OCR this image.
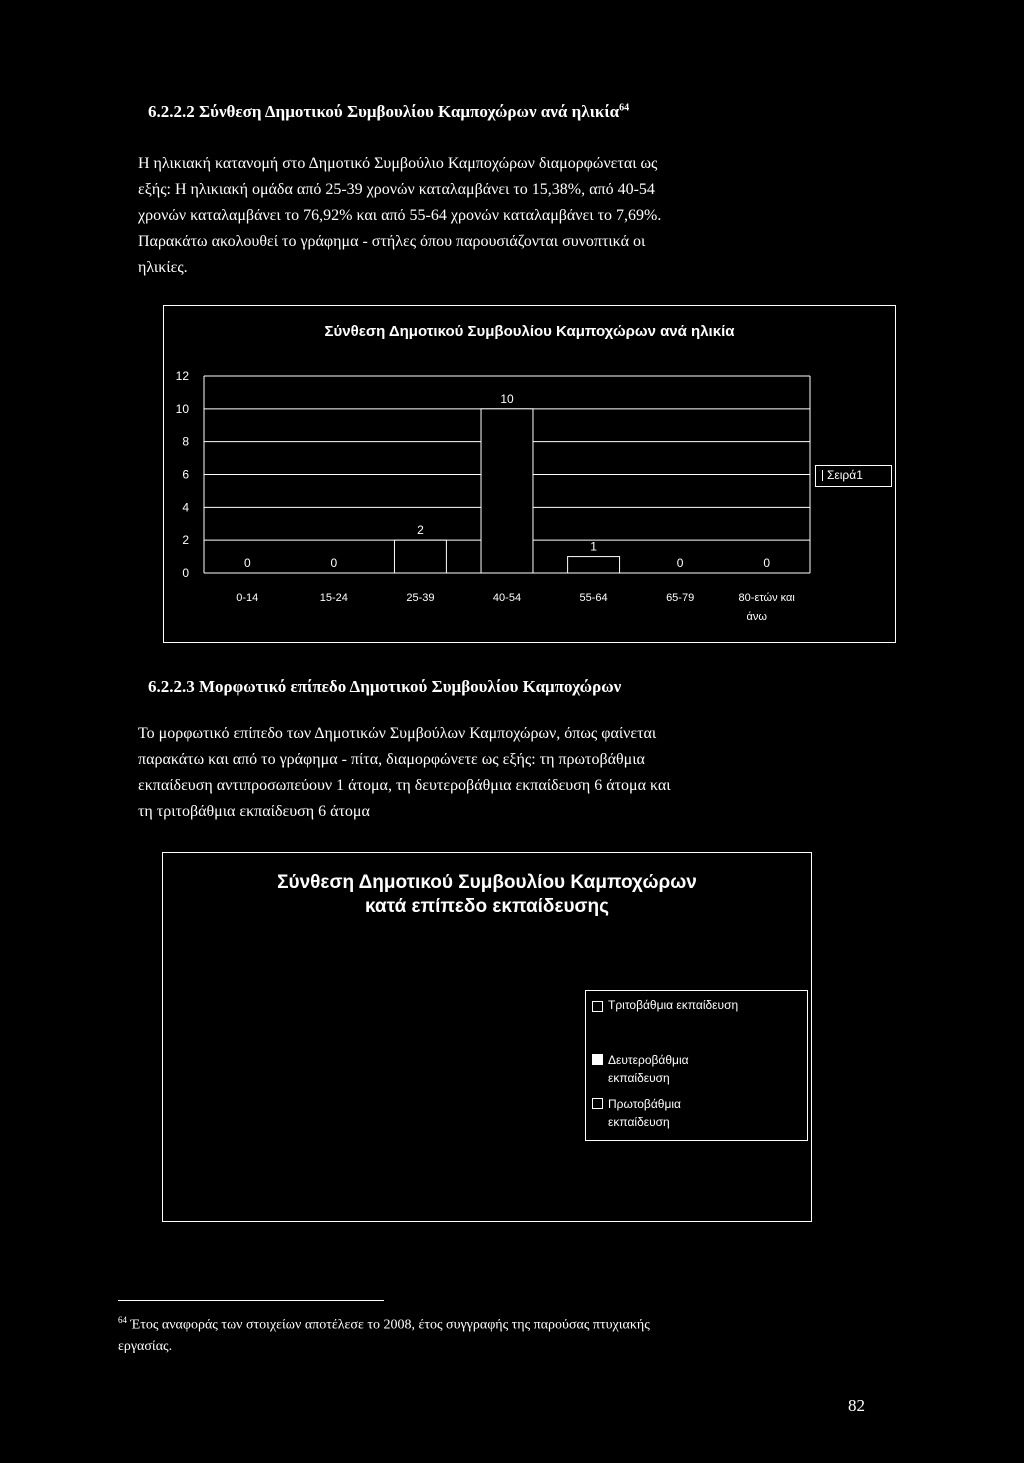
6.2.2.2 Σύνθεση Δημοτικού Συμβουλίου Καμποχώρων ανά ηλικία$^{64}$
Η ηλικιακή κατανομή στο Δημοτικό Συμβούλιο Καμποχώρων διαμορφώνεται ως
εξής: Η ηλικιακή ομάδα από 25-39 χρονών καταλαμβάνει το 15,38%, από 40-54
χρονών καταλαμβάνει το 76,92% και από 55-64 χρονών καταλαμβάνει το 7,69%.
Παρακάτω ακολουθεί το γράφημα - στήλες όπου παρουσιάζονται συνοπτικά οι
ηλικίες.
Σύνθεση Δημοτικού Συμβουλίου Καμποχώρων ανά ηλικία
0
2
4
6
8
10
12
0
0-14
0
15-24
2
25-39
10
40-54
1
55-64
0
65-79
0
80-ετών και
άνω
Σειρά1
6.2.2.3 Μορφωτικό επίπεδο Δημοτικού Συμβουλίου Καμποχώρων
Το μορφωτικό επίπεδο των Δημοτικών Συμβούλων Καμποχώρων, όπως φαίνεται
παρακάτω και από το γράφημα - πίτα, διαμορφώνετε ως εξής: τη πρωτοβάθμια
εκπαίδευση αντιπροσωπεύουν 1 άτομα, τη δευτεροβάθμια εκπαίδευση 6 άτομα και
τη τριτοβάθμια εκπαίδευση 6 άτομα
Σύνθεση Δημοτικού Συμβουλίου Καμποχώρων
κατά επίπεδο εκπαίδευσης
Τριτοβάθμια εκπαίδευση
Δευτεροβάθμια
εκπαίδευση
Πρωτοβάθμια
εκπαίδευση
$^{64}$ Έτος αναφοράς των στοιχείων αποτέλεσε το 2008, έτος συγγραφής της παρούσας πτυχιακής
εργασίας.
82
